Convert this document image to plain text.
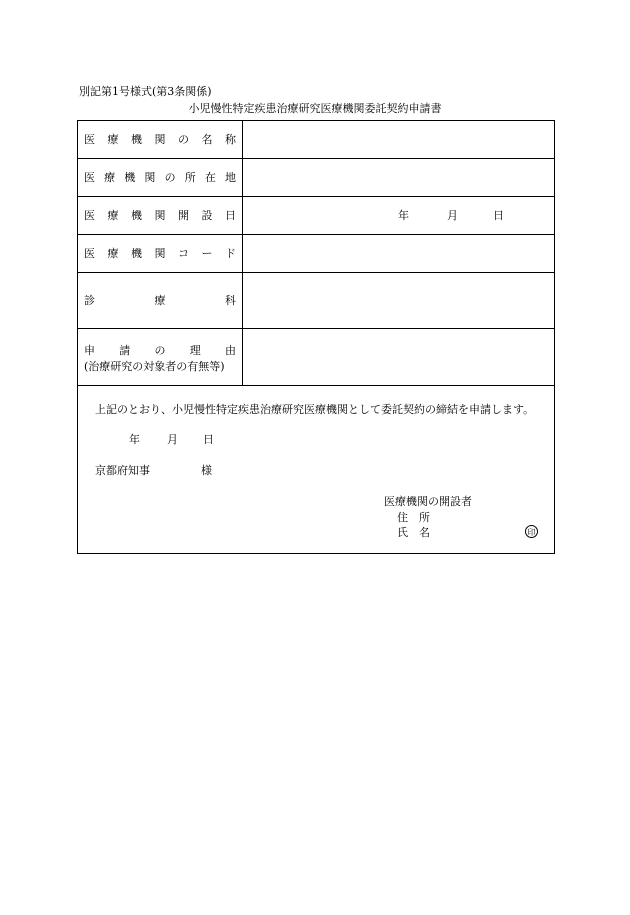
別記第1号様式(第3条関係)
小児慢性特定疾患治療研究医療機関委託契約申請書
医 療 機 関 の 名 称
医 療 機 関 の 所 在 地
医 療 機 関 開 設 日	年	月	日
医 療 機 関 コ ー ド
診	療	科
申 請 の 理 由
(治療研究の対象者の有無等)
　上記のとおり、小児慢性特定疾患治療研究医療機関として委託契約の締結を申請します。
年 月 日
京都府知事	様
医療機関の開設者
住　所
氏　名	印
